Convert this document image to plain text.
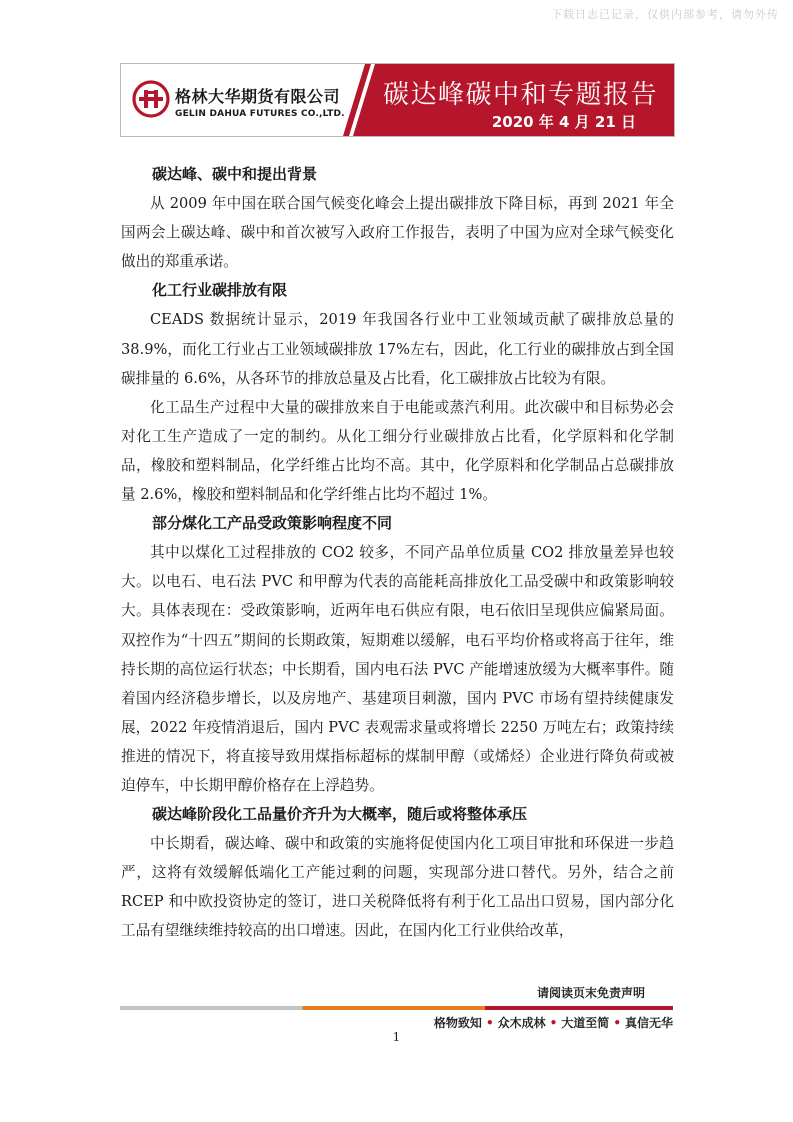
下载日志已记录，仅供内部参考，请勿外传
格林大华期货有限公司
GELIN DAHUA FUTURES CO.,LTD.
碳达峰碳中和专题报告
2020 年 4 月 21 日
碳达峰、碳中和提出背景

从 2009 年中国在联合国气候变化峰会上提出碳排放下降目标，再到 2021 年全国两会上碳达峰、碳中和首次被写入政府工作报告，表明了中国为应对全球气候变化做出的郑重承诺。

化工行业碳排放有限

CEADS 数据统计显示，2019 年我国各行业中工业领域贡献了碳排放总量的 38.9%，而化工行业占工业领域碳排放 17%左右，因此，化工行业的碳排放占到全国碳排量的 6.6%，从各环节的排放总量及占比看，化工碳排放占比较为有限。

化工品生产过程中大量的碳排放来自于电能或蒸汽利用。此次碳中和目标势必会对化工生产造成了一定的制约。从化工细分行业碳排放占比看，化学原料和化学制品，橡胶和塑料制品，化学纤维占比均不高。其中，化学原料和化学制品占总碳排放量 2.6%，橡胶和塑料制品和化学纤维占比均不超过 1%。

部分煤化工产品受政策影响程度不同

其中以煤化工过程排放的 CO2 较多，不同产品单位质量 CO2 排放量差异也较大。以电石、电石法 PVC 和甲醇为代表的高能耗高排放化工品受碳中和政策影响较大。具体表现在：受政策影响，近两年电石供应有限，电石依旧呈现供应偏紧局面。双控作为“十四五”期间的长期政策，短期难以缓解，电石平均价格或将高于往年，维持长期的高位运行状态；中长期看，国内电石法 PVC 产能增速放缓为大概率事件。随着国内经济稳步增长，以及房地产、基建项目刺激，国内 PVC 市场有望持续健康发展，2022 年疫情消退后，国内 PVC 表观需求量或将增长 2250 万吨左右；政策持续推进的情况下，将直接导致用煤指标超标的煤制甲醇（或烯烃）企业进行降负荷或被迫停车，中长期甲醇价格存在上浮趋势。

碳达峰阶段化工品量价齐升为大概率，随后或将整体承压

中长期看，碳达峰、碳中和政策的实施将促使国内化工项目审批和环保进一步趋严，这将有效缓解低端化工产能过剩的问题，实现部分进口替代。另外，结合之前 RCEP 和中欧投资协定的签订，进口关税降低将有利于化工品出口贸易，国内部分化工品有望继续维持较高的出口增速。因此，在国内化工行业供给改革，

请阅读页末免责声明
格物致知 • 众木成林 • 大道至简 • 真信无华
1
